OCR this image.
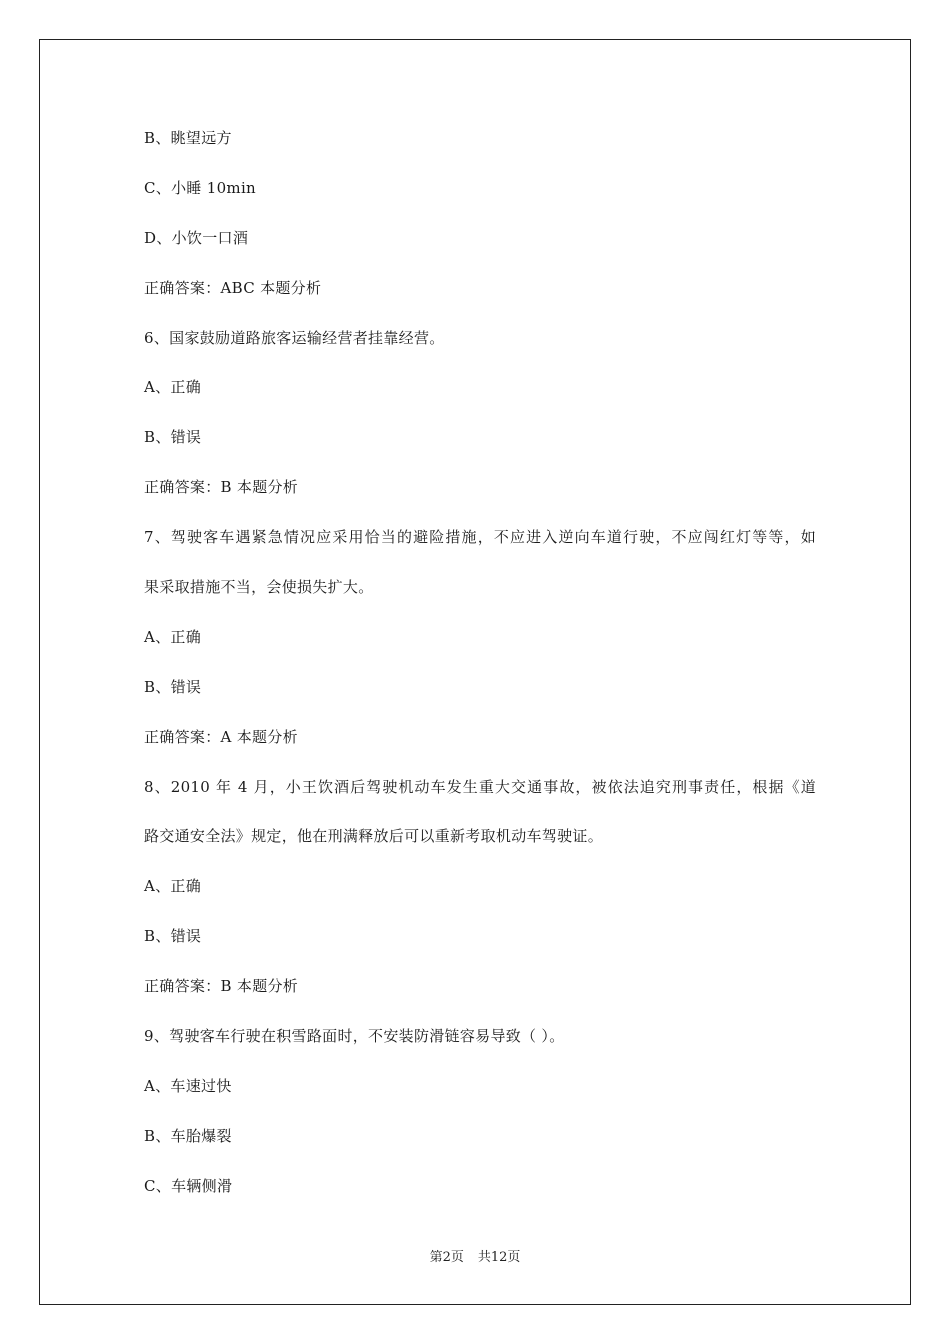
B、眺望远方
C、小睡 10min
D、小饮一口酒
正确答案：ABC 本题分析
6、国家鼓励道路旅客运输经营者挂靠经营。
A、正确
B、错误
正确答案：B 本题分析
7、驾驶客车遇紧急情况应采用恰当的避险措施，不应进入逆向车道行驶，不应闯红灯等等，如
果采取措施不当，会使损失扩大。
A、正确
B、错误
正确答案：A 本题分析
8、2010 年 4 月，小王饮酒后驾驶机动车发生重大交通事故，被依法追究刑事责任，根据《道
路交通安全法》规定，他在刑满释放后可以重新考取机动车驾驶证。
A、正确
B、错误
正确答案：B 本题分析
9、驾驶客车行驶在积雪路面时，不安装防滑链容易导致（ ）。
A、车速过快
B、车胎爆裂
C、车辆侧滑
第2页 共12页
